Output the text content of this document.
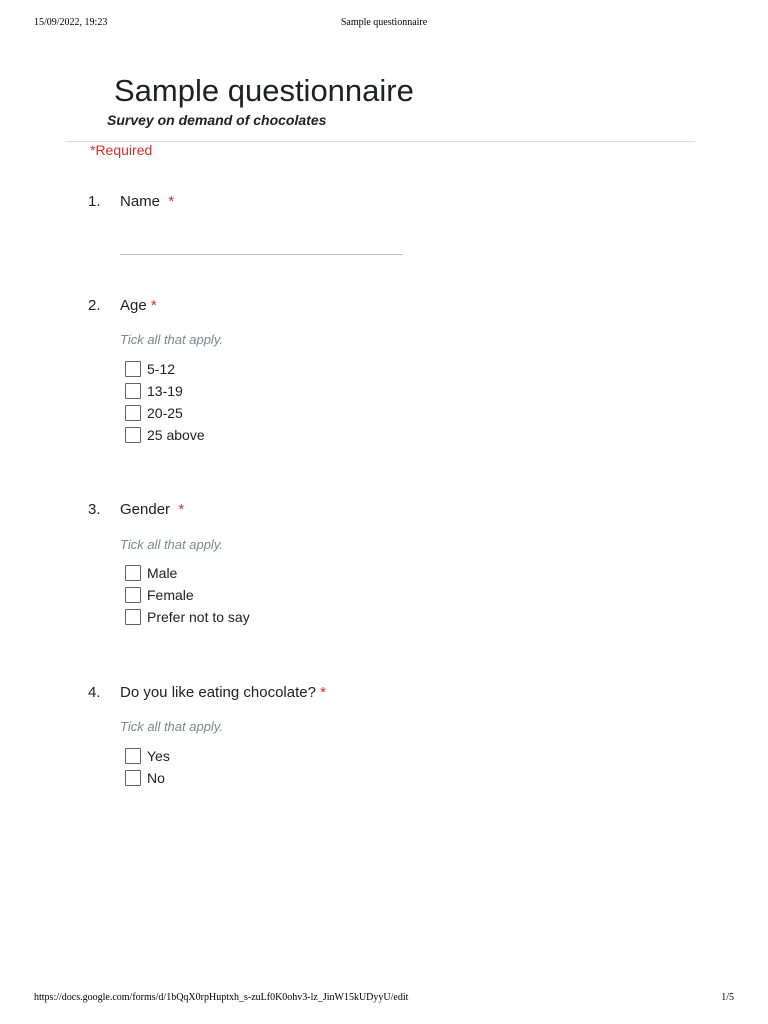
15/09/2022, 19:23	Sample questionnaire
Sample questionnaire
Survey on demand of chocolates
*Required
1. Name *
2. Age *
Tick all that apply.
5-12
13-19
20-25
25 above
3. Gender *
Tick all that apply.
Male
Female
Prefer not to say
4. Do you like eating chocolate? *
Tick all that apply.
Yes
No
https://docs.google.com/forms/d/1bQqX0rpHuptxh_s-zuLf0K0ohv3-lz_JinW15kUDyyU/edit	1/5
